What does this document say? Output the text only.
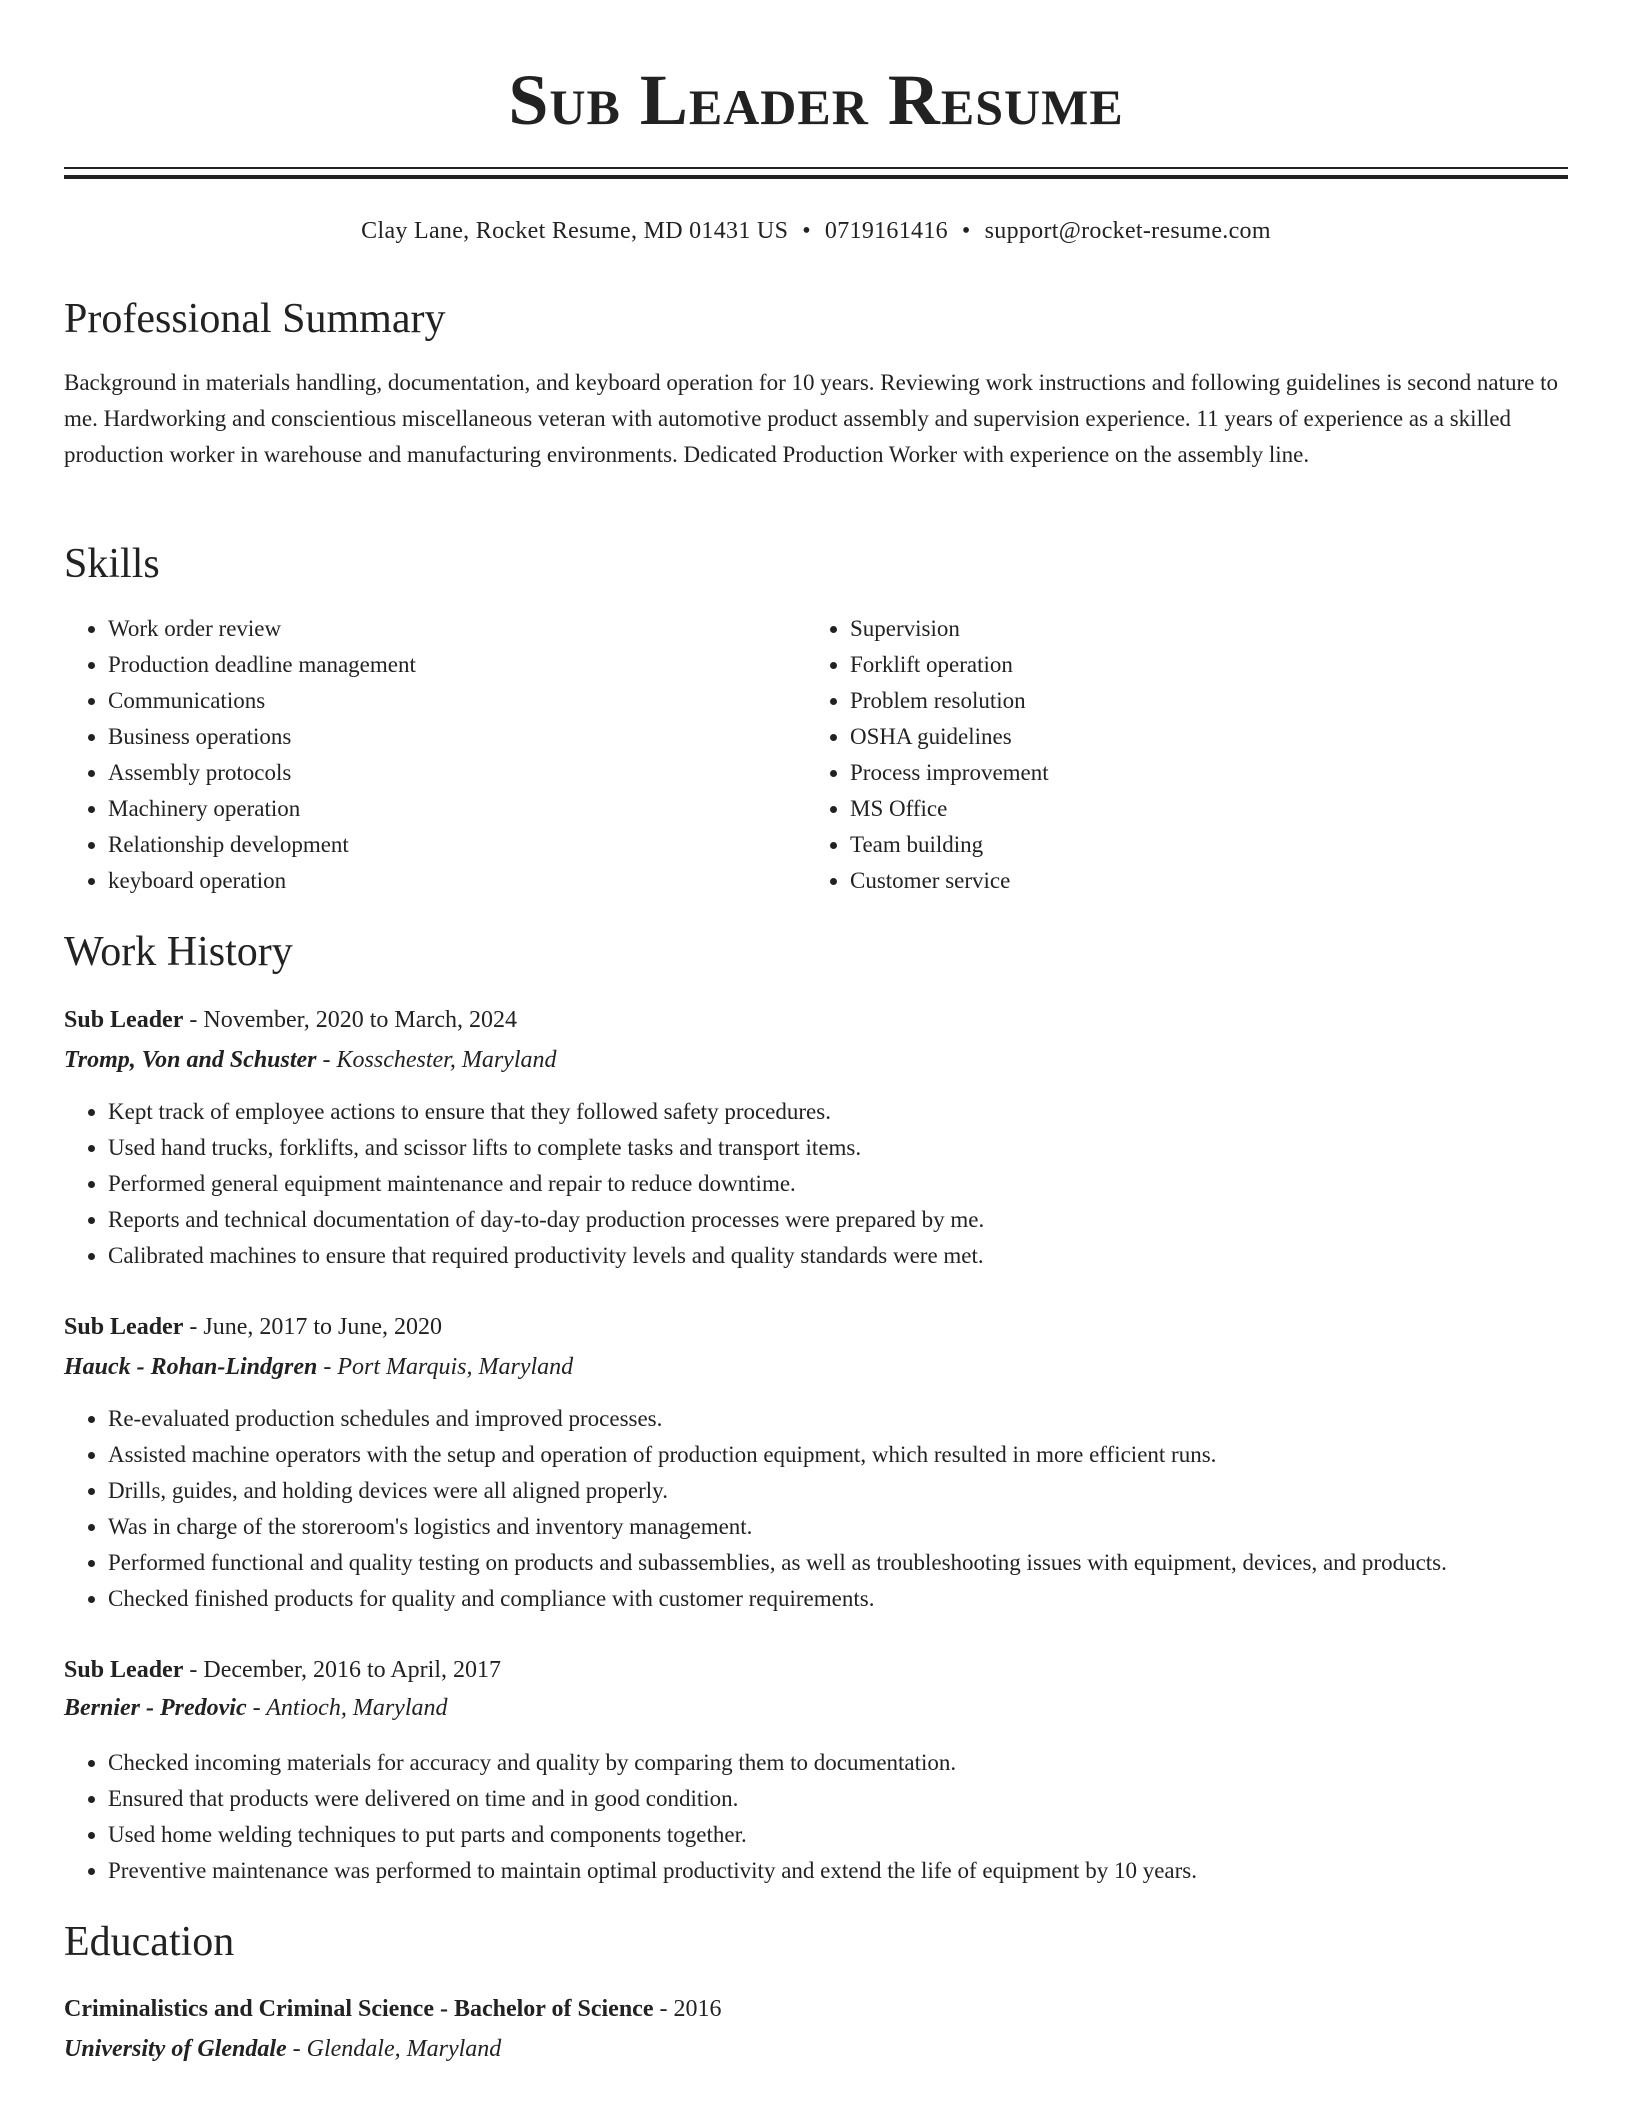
Sub Leader Resume
Clay Lane, Rocket Resume, MD 01431 US • 0719161416 • support@rocket-resume.com
Professional Summary

Background in materials handling, documentation, and keyboard operation for 10 years. Reviewing work instructions and following guidelines is second nature to me. Hardworking and conscientious miscellaneous veteran with automotive product assembly and supervision experience. 11 years of experience as a skilled production worker in warehouse and manufacturing environments. Dedicated Production Worker with experience on the assembly line.

Skills
• Work order review
• Production deadline management
• Communications
• Business operations
• Assembly protocols
• Machinery operation
• Relationship development
• keyboard operation
• Supervision
• Forklift operation
• Problem resolution
• OSHA guidelines
• Process improvement
• MS Office
• Team building
• Customer service
Work History
Sub Leader - November, 2020 to March, 2024
Tromp, Von and Schuster - Kosschester, Maryland
• Kept track of employee actions to ensure that they followed safety procedures.
• Used hand trucks, forklifts, and scissor lifts to complete tasks and transport items.
• Performed general equipment maintenance and repair to reduce downtime.
• Reports and technical documentation of day-to-day production processes were prepared by me.
• Calibrated machines to ensure that required productivity levels and quality standards were met.
Sub Leader - June, 2017 to June, 2020
Hauck - Rohan-Lindgren - Port Marquis, Maryland
• Re-evaluated production schedules and improved processes.
• Assisted machine operators with the setup and operation of production equipment, which resulted in more efficient runs.
• Drills, guides, and holding devices were all aligned properly.
• Was in charge of the storeroom's logistics and inventory management.
• Performed functional and quality testing on products and subassemblies, as well as troubleshooting issues with equipment, devices, and products.
• Checked finished products for quality and compliance with customer requirements.
Sub Leader - December, 2016 to April, 2017
Bernier - Predovic - Antioch, Maryland
• Checked incoming materials for accuracy and quality by comparing them to documentation.
• Ensured that products were delivered on time and in good condition.
• Used home welding techniques to put parts and components together.
• Preventive maintenance was performed to maintain optimal productivity and extend the life of equipment by 10 years.
Education
Criminalistics and Criminal Science - Bachelor of Science - 2016
University of Glendale - Glendale, Maryland
